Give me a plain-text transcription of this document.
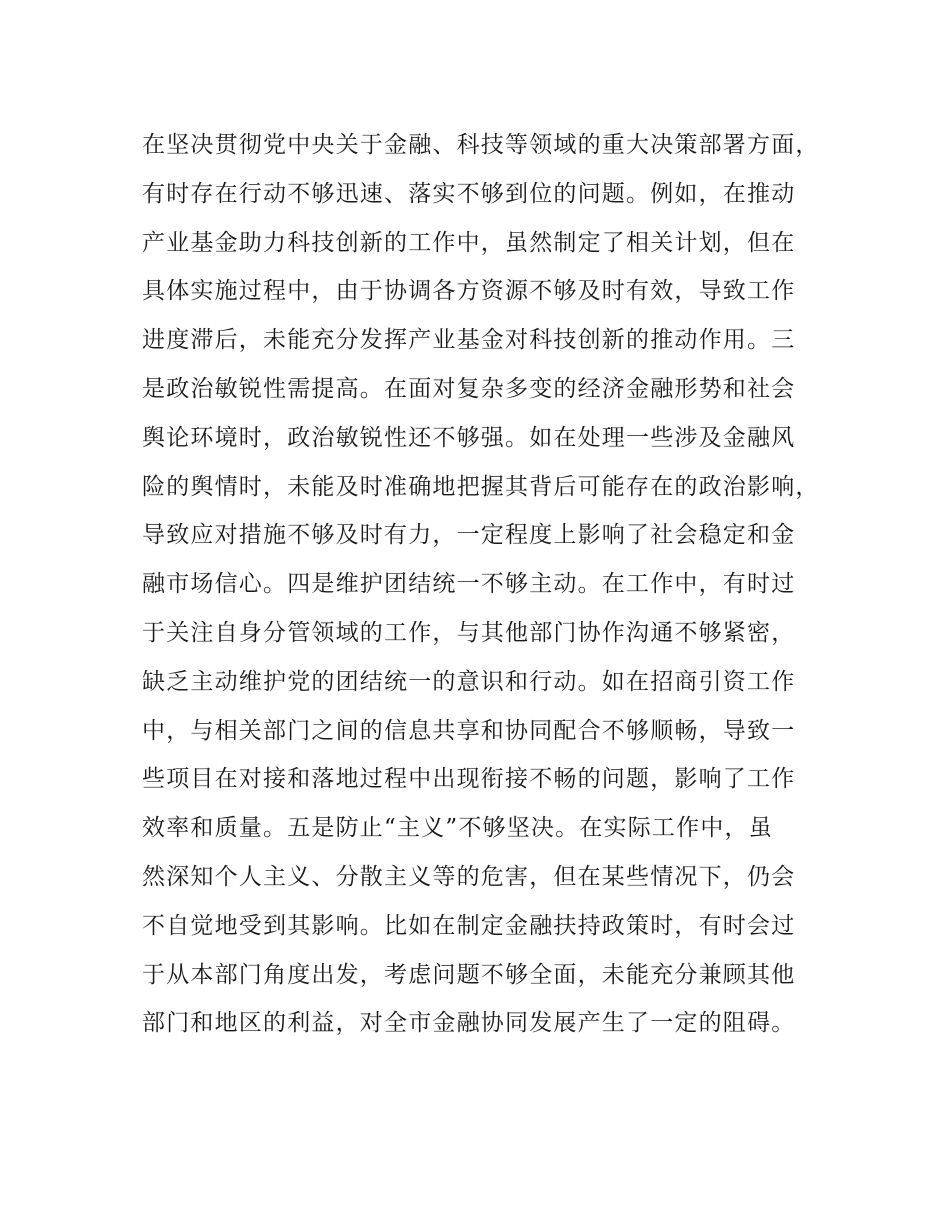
在坚决贯彻党中央关于金融、科技等领域的重大决策部署方面，
有时存在行动不够迅速、落实不够到位的问题。例如，在推动
产业基金助力科技创新的工作中，虽然制定了相关计划，但在
具体实施过程中，由于协调各方资源不够及时有效，导致工作
进度滞后，未能充分发挥产业基金对科技创新的推动作用。三
是政治敏锐性需提高。在面对复杂多变的经济金融形势和社会
舆论环境时，政治敏锐性还不够强。如在处理一些涉及金融风
险的舆情时，未能及时准确地把握其背后可能存在的政治影响，
导致应对措施不够及时有力，一定程度上影响了社会稳定和金
融市场信心。四是维护团结统一不够主动。在工作中，有时过
于关注自身分管领域的工作，与其他部门协作沟通不够紧密，
缺乏主动维护党的团结统一的意识和行动。如在招商引资工作
中，与相关部门之间的信息共享和协同配合不够顺畅，导致一
些项目在对接和落地过程中出现衔接不畅的问题，影响了工作
效率和质量。五是防止“主义”不够坚决。在实际工作中，虽
然深知个人主义、分散主义等的危害，但在某些情况下，仍会
不自觉地受到其影响。比如在制定金融扶持政策时，有时会过
于从本部门角度出发，考虑问题不够全面，未能充分兼顾其他
部门和地区的利益，对全市金融协同发展产生了一定的阻碍。
